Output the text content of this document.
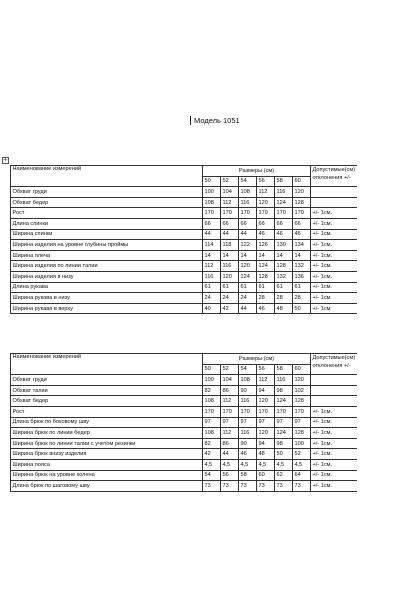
Модель 1051
+
Наименование измерений	Размеры (см)						Допустимые(см) отклонения +/-
	50	52	54	56	58	60	
Обхват груди	100	104	108	112	116	120	
Обхват бедер	108	112	116	120	124	128	
Рост	170	170	170	170	170	170	+/- 1см.
Длина спинки	66	66	66	66	66	66	+/- 1см.
Ширина спинки	44	44	44	46	46	46	+/- 1см.
Ширина изделия на уровне глубины проймы	114	118	122	126	130	134	+/- 1см.
Ширина плеча	14	14	14	14	14	14	+/- 1см.
Ширина изделия по линии талии	112	116	120	124	128	132	+/- 1см.
Ширина изделия в низу	116	120	124	128	132	136	+/- 1см.
Длина рукава	61	61	61	61	61	61	+/- 1см.
Ширина рукава в низу	24	24	24	28	28	28	+/- 1см
Ширина рукава в верху	40	42	44	46	48	50	+/- 1см
Наименование измерений	Размеры (см)						Допустимые(см) отклонения +/-
	50	52	54	56	58	60	
Обхват груди	100	104	108	112	116	120	
Обхват талии	82	86	90	94	98	102	
Обхват бедер	108	112	116	120	124	128	
Рост	170	170	170	170	170	170	+/- 1см.
Длина брюк по боковому шву	97	97	97	97	97	97	+/- 1см.
Ширина брюк по линии бедер	108	112	116	120	124	128	+/- 1см.
Ширина брюк по линии талии с учетом резинки	82	86	90	94	98	100	+/- 1см.
Ширина брюк внизу изделия	42	44	46	48	50	52	+/- 1см.
Ширина пояса	4,5	4,5	4,5	4,5	4,5	4,5	+/- 1см.
Ширина брюк на уровне колена	54	56	58	60	62	64	+/- 1см.
Длина брюк по шаговому шву	73	73	73	73	73	73	+/- 1см.
